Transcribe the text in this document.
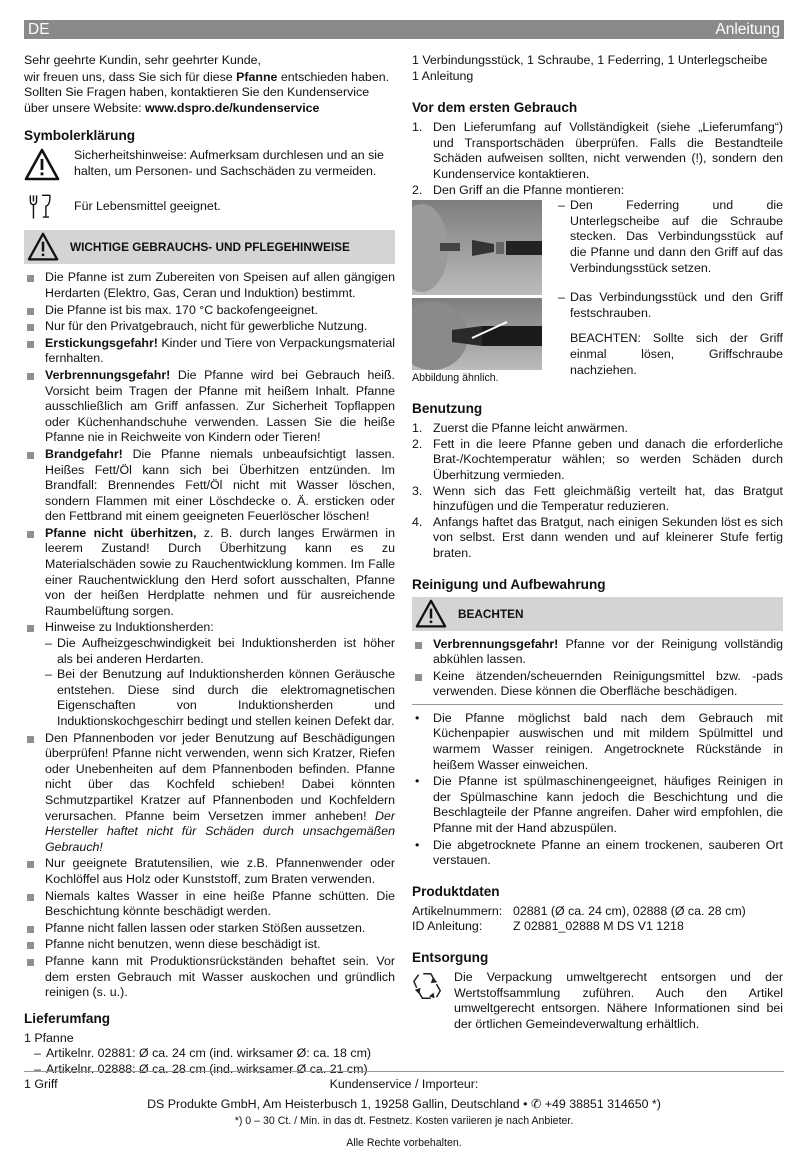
DE	Anleitung

Sehr geehrte Kundin, sehr geehrter Kunde,

wir freuen uns, dass Sie sich für diese Pfanne entschieden haben. Sollten Sie Fragen haben, kontaktieren Sie den Kundenservice über unsere Website: www.dspro.de/kundenservice

Symbolerklärung

Sicherheitshinweise: Aufmerksam durchlesen und an sie halten, um Personen- und Sachschäden zu vermeiden.

Für Lebensmittel geeignet.

WICHTIGE GEBRAUCHS- UND PFLEGEHINWEISE
Die Pfanne ist zum Zubereiten von Speisen auf allen gängigen Herdarten (Elektro, Gas, Ceran und Induktion) bestimmt.
Die Pfanne ist bis max. 170 °C backofengeeignet.
Nur für den Privatgebrauch, nicht für gewerbliche Nutzung.
Erstickungsgefahr! Kinder und Tiere von Verpackungsmaterial fernhalten.
Verbrennungsgefahr! Die Pfanne wird bei Gebrauch heiß. Vorsicht beim Tragen der Pfanne mit heißem Inhalt. Pfanne ausschließlich am Griff anfassen. Zur Sicherheit Topflappen oder Küchenhandschuhe verwenden. Lassen Sie die heiße Pfanne nie in Reichweite von Kindern oder Tieren!
Brandgefahr! Die Pfanne niemals unbeaufsichtigt lassen. Heißes Fett/Öl kann sich bei Überhitzen entzünden. Im Brandfall: Brennendes Fett/Öl nicht mit Wasser löschen, sondern Flammen mit einer Löschdecke o. Ä. ersticken oder den Fettbrand mit einem geeigneten Feuerlöscher löschen!
Pfanne nicht überhitzen, z. B. durch langes Erwärmen in leerem Zustand! Durch Überhitzung kann es zu Materialschäden sowie zu Rauchentwicklung kommen. Im Falle einer Rauchentwicklung den Herd sofort ausschalten, Pfanne von der heißen Herdplatte nehmen und für ausreichende Raumbelüftung sorgen.
Hinweise zu Induktionsherden:
– Die Aufheizgeschwindigkeit bei Induktionsherden ist höher als bei anderen Herdarten.
– Bei der Benutzung auf Induktionsherden können Geräusche entstehen. Diese sind durch die elektromagnetischen Eigenschaften von Induktionsherden und Induktionskochgeschirr bedingt und stellen keinen Defekt dar.
Den Pfannenboden vor jeder Benutzung auf Beschädigungen überprüfen! Pfanne nicht verwenden, wenn sich Kratzer, Riefen oder Unebenheiten auf dem Pfannenboden befinden. Pfanne nicht über das Kochfeld schieben! Dabei könnten Schmutzpartikel Kratzer auf Pfannenboden und Kochfeldern verursachen. Pfanne beim Versetzen immer anheben! Der Hersteller haftet nicht für Schäden durch unsachgemäßen Gebrauch!
Nur geeignete Bratutensilien, wie z.B. Pfannenwender oder Kochlöffel aus Holz oder Kunststoff, zum Braten verwenden.
Niemals kaltes Wasser in eine heiße Pfanne schütten. Die Beschichtung könnte beschädigt werden.
Pfanne nicht fallen lassen oder starken Stößen aussetzen.
Pfanne nicht benutzen, wenn diese beschädigt ist.
Pfanne kann mit Produktionsrückständen behaftet sein. Vor dem ersten Gebrauch mit Wasser auskochen und gründlich reinigen (s. u.).
Lieferumfang

1 Pfanne

– Artikelnr. 02881: Ø ca. 24 cm (ind. wirksamer Ø: ca. 18 cm)
– Artikelnr. 02888: Ø ca. 28 cm (ind. wirksamer Ø ca. 21 cm)

1 Griff

1 Verbindungsstück, 1 Schraube, 1 Federring, 1 Unterlegscheibe

1 Anleitung

Vor dem ersten Gebrauch
1. Den Lieferumfang auf Vollständigkeit (siehe „Lieferumfang“) und Transportschäden überprüfen. Falls die Bestandteile Schäden aufweisen sollten, nicht verwenden (!), sondern den Kundenservice kontaktieren.
2. Den Griff an die Pfanne montieren:

Abbildung ähnlich.

– Den Federring und die Unterlegscheibe auf die Schraube stecken. Das Verbindungsstück auf die Pfanne und dann den Griff auf das Verbindungsstück setzen.
– Das Verbindungsstück und den Griff festschrauben.

BEACHTEN: Sollte sich der Griff einmal lösen, Griffschraube nachziehen.

Benutzung
1. Zuerst die Pfanne leicht anwärmen.
2. Fett in die leere Pfanne geben und danach die erforderliche Brat-/Kochtemperatur wählen; so werden Schäden durch Überhitzung vermieden.
3. Wenn sich das Fett gleichmäßig verteilt hat, das Bratgut hinzufügen und die Temperatur reduzieren.
4. Anfangs haftet das Bratgut, nach einigen Sekunden löst es sich von selbst. Erst dann wenden und auf kleinerer Stufe fertig braten.
Reinigung und Aufbewahrung
BEACHTEN
Verbrennungsgefahr! Pfanne vor der Reinigung vollständig abkühlen lassen.
Keine ätzenden/scheuernden Reinigungsmittel bzw. -pads verwenden. Diese können die Oberfläche beschädigen.
• Die Pfanne möglichst bald nach dem Gebrauch mit Küchenpapier auswischen und mit mildem Spülmittel und warmem Wasser reinigen. Angetrocknete Rückstände in heißem Wasser einweichen.
• Die Pfanne ist spülmaschinengeeignet, häufiges Reinigen in der Spülmaschine kann jedoch die Beschichtung und die Beschlagteile der Pfanne angreifen. Daher wird empfohlen, die Pfanne mit der Hand abzuspülen.
• Die abgetrocknete Pfanne an einem trockenen, sauberen Ort verstauen.
Produktdaten
Artikelnummern: 02881 (Ø ca. 24 cm), 02888 (Ø ca. 28 cm)
ID Anleitung:	Z 02881_02888 M DS V1 1218
Entsorgung

Die Verpackung umweltgerecht entsorgen und der Wertstoffsammlung zuführen. Auch den Artikel umweltgerecht entsorgen. Nähere Informationen sind bei der örtlichen Gemeindeverwaltung erhältlich.

Kundenservice / Importeur:

DS Produkte GmbH, Am Heisterbusch 1, 19258 Gallin, Deutschland • ✆ +49 38851 314650 *)

*) 0 – 30 Ct. / Min. in das dt. Festnetz. Kosten variieren je nach Anbieter.

Alle Rechte vorbehalten.
